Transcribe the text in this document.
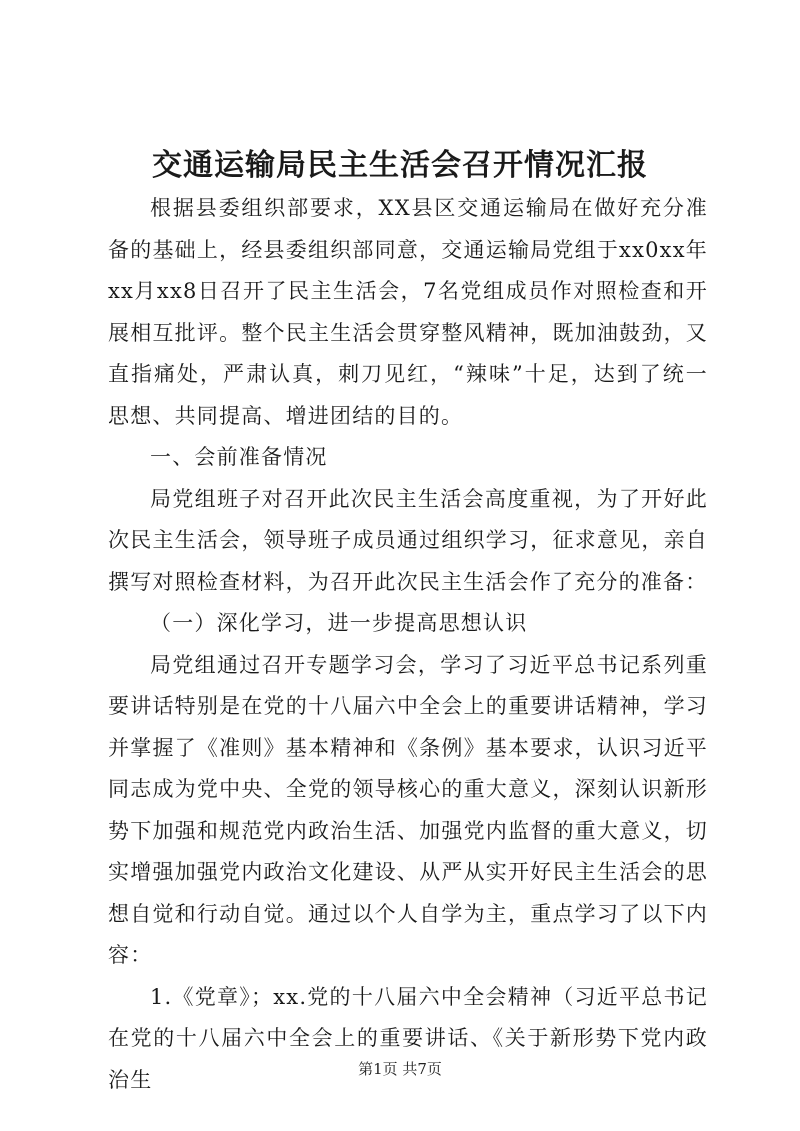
交通运输局民主生活会召开情况汇报

根据县委组织部要求，XX县区交通运输局在做好充分准备的基础上，经县委组织部同意，交通运输局党组于xx0xx年xx月xx8日召开了民主生活会，7名党组成员作对照检查和开展相互批评。整个民主生活会贯穿整风精神，既加油鼓劲，又直指痛处，严肃认真，刺刀见红，“辣味”十足，达到了统一思想、共同提高、增进团结的目的。

一、会前准备情况

局党组班子对召开此次民主生活会高度重视，为了开好此次民主生活会，领导班子成员通过组织学习，征求意见，亲自撰写对照检查材料，为召开此次民主生活会作了充分的准备：

（一）深化学习，进一步提高思想认识

局党组通过召开专题学习会，学习了习近平总书记系列重要讲话特别是在党的十八届六中全会上的重要讲话精神，学习并掌握了《准则》基本精神和《条例》基本要求，认识习近平同志成为党中央、全党的领导核心的重大意义，深刻认识新形势下加强和规范党内政治生活、加强党内监督的重大意义，切实增强加强党内政治文化建设、从严从实开好民主生活会的思想自觉和行动自觉。通过以个人自学为主，重点学习了以下内容：

1.《党章》；xx.党的十八届六中全会精神（习近平总书记在党的十八届六中全会上的重要讲话、《关于新形势下党内政治生	第1页 共7页
